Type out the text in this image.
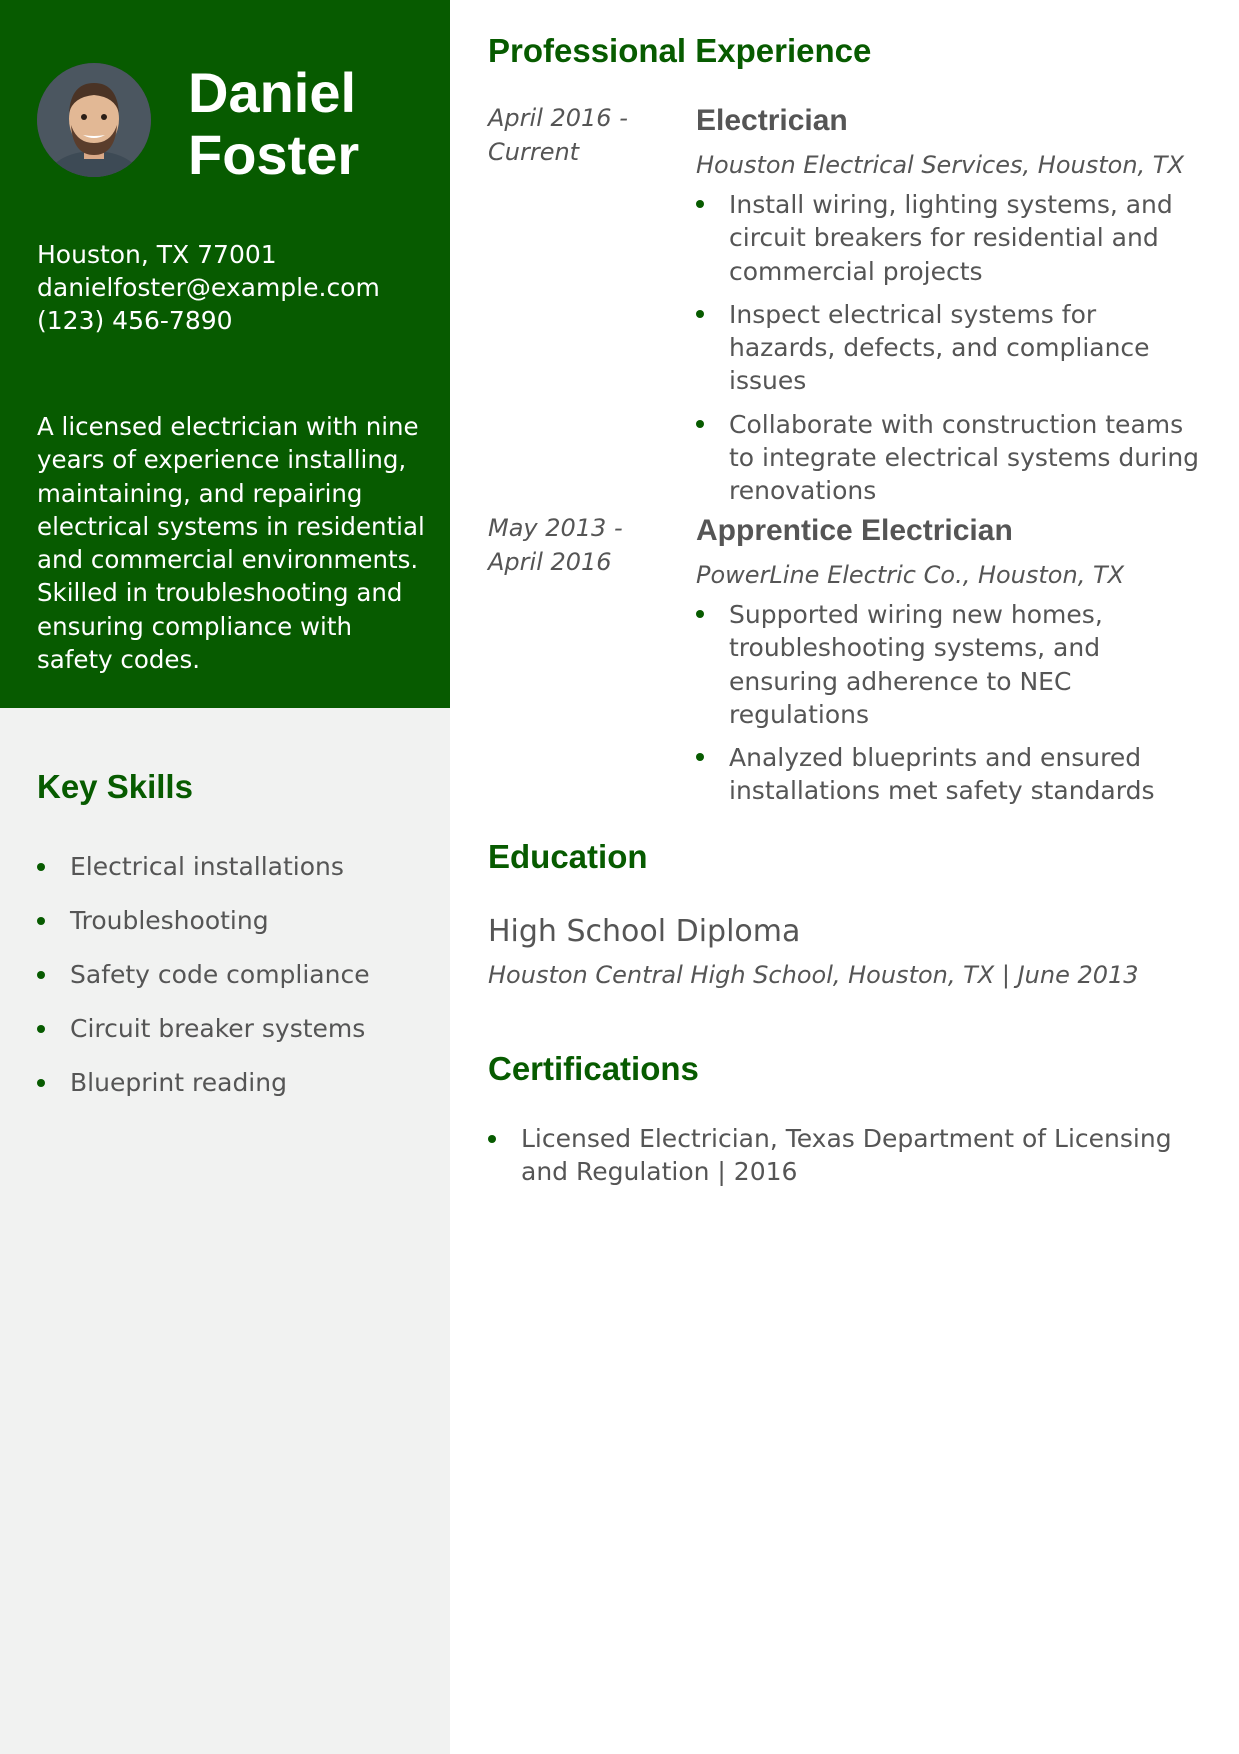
Daniel
Foster
Houston, TX 77001
danielfoster@example.com
(123) 456-7890
A licensed electrician with nine years of experience installing, maintaining, and repairing electrical systems in residential and commercial environments. Skilled in troubleshooting and ensuring compliance with safety codes.
Key Skills
Electrical installations
Troubleshooting
Safety code compliance
Circuit breaker systems
Blueprint reading
Professional Experience
April 2016 -
Current
Electrician
Houston Electrical Services, Houston, TX
Install wiring, lighting systems, and circuit breakers for residential and commercial projects
Inspect electrical systems for hazards, defects, and compliance issues
Collaborate with construction teams to integrate electrical systems during renovations
May 2013 -
April 2016
Apprentice Electrician
PowerLine Electric Co., Houston, TX
Supported wiring new homes, troubleshooting systems, and ensuring adherence to NEC regulations
Analyzed blueprints and ensured installations met safety standards
Education
High School Diploma
Houston Central High School, Houston, TX | June 2013
Certifications
Licensed Electrician, Texas Department of Licensing and Regulation | 2016
